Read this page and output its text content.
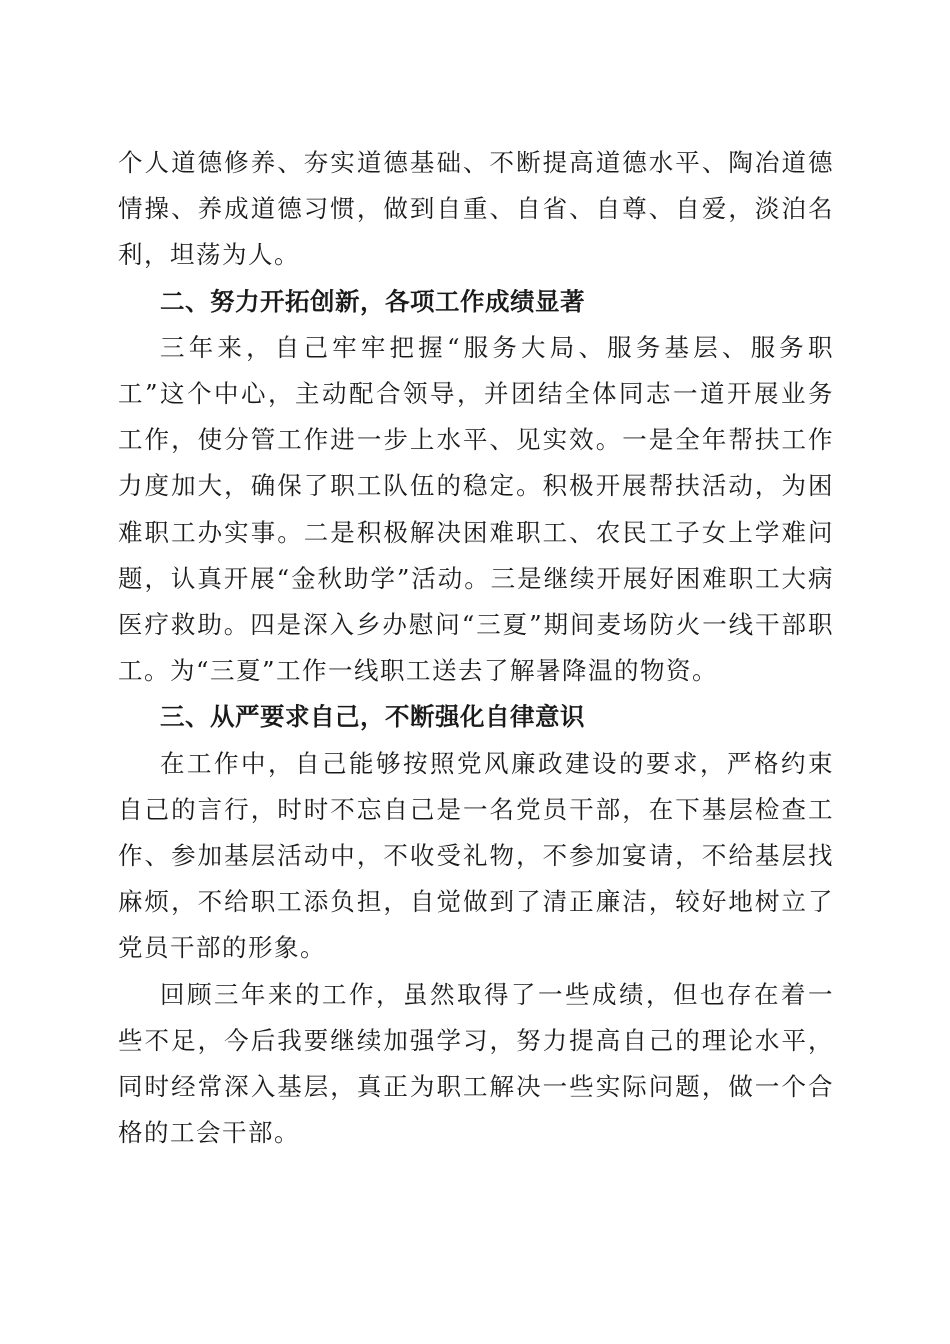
个人道德修养、夯实道德基础、不断提高道德水平、陶冶道德情操、养成道德习惯，做到自重、自省、自尊、自爱，淡泊名利，坦荡为人。

二、努力开拓创新，各项工作成绩显著

三年来，自己牢牢把握“服务大局、服务基层、服务职工”这个中心，主动配合领导，并团结全体同志一道开展业务工作，使分管工作进一步上水平、见实效。一是全年帮扶工作力度加大，确保了职工队伍的稳定。积极开展帮扶活动，为困难职工办实事。二是积极解决困难职工、农民工子女上学难问题，认真开展“金秋助学”活动。三是继续开展好困难职工大病医疗救助。四是深入乡办慰问“三夏”期间麦场防火一线干部职工。为“三夏”工作一线职工送去了解暑降温的物资。

三、从严要求自己，不断强化自律意识

在工作中，自己能够按照党风廉政建设的要求，严格约束自己的言行，时时不忘自己是一名党员干部，在下基层检查工作、参加基层活动中，不收受礼物，不参加宴请，不给基层找麻烦，不给职工添负担，自觉做到了清正廉洁，较好地树立了党员干部的形象。

回顾三年来的工作，虽然取得了一些成绩，但也存在着一些不足，今后我要继续加强学习，努力提高自己的理论水平，同时经常深入基层，真正为职工解决一些实际问题，做一个合格的工会干部。
